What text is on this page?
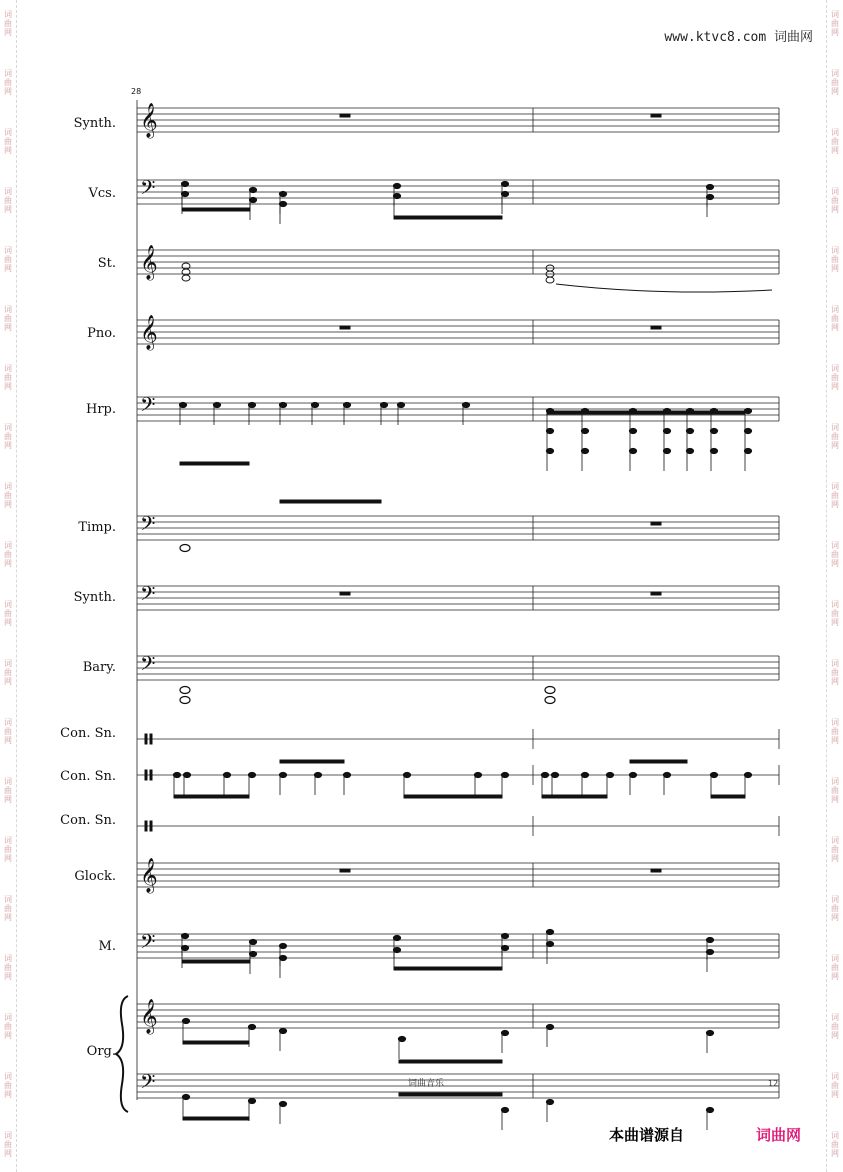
词
曲
网
词
曲
网
词
曲
网
词
曲
网
词
曲
网
词
曲
网
词
曲
网
词
曲
网
词
曲
网
词
曲
网
词
曲
网
词
曲
网
词
曲
网
词
曲
网
词
曲
网
词
曲
网
词
曲
网
词
曲
网
词
曲
网
词
曲
网
词
曲
网
词
曲
网
词
曲
网
词
曲
网
词
曲
网
词
曲
网
词
曲
网
词
曲
网
词
曲
网
词
曲
网
词
曲
网
词
曲
网
词
曲
网
词
曲
网
词
曲
网
词
曲
网
词
曲
网
词
曲
网
词
曲
网
词
曲
网
www.ktvc8.com 词曲网
28
Synth.
Vcs.
St.
Pno.
Hrp.
Timp.
Synth.
Bary.
Con. Sn.
Con. Sn.
Con. Sn.
Glock.
M.
Org.
𝄞
𝄢
𝄞
𝄞
𝄢
𝄢
𝄢
𝄢
𝄞
𝄢
𝄞
𝄢	词曲音乐	12
本曲谱源自	词曲网
